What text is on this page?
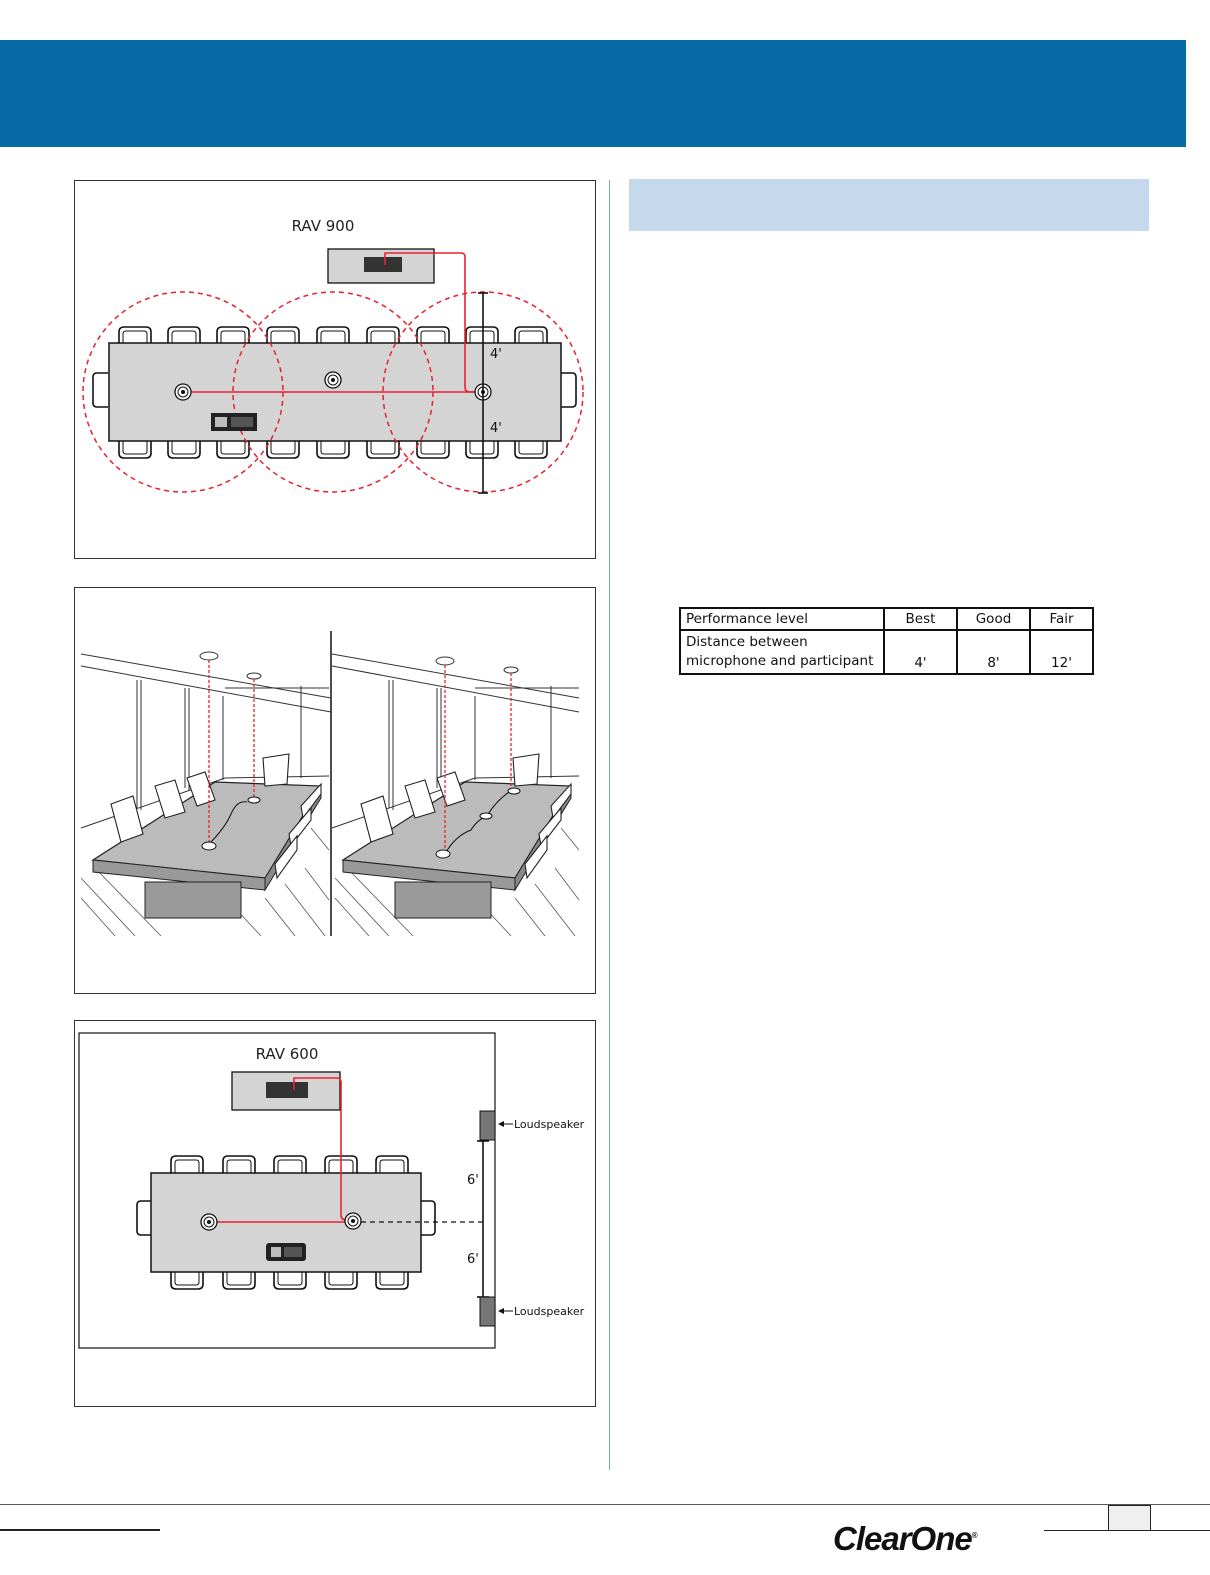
RAV 900
4'
4'
RAV 600
6'
6'
Loudspeaker
Loudspeaker
Performance level	Best	Good	Fair

Distance between
microphone and participant	4'	8'	12'
ClearOne®
